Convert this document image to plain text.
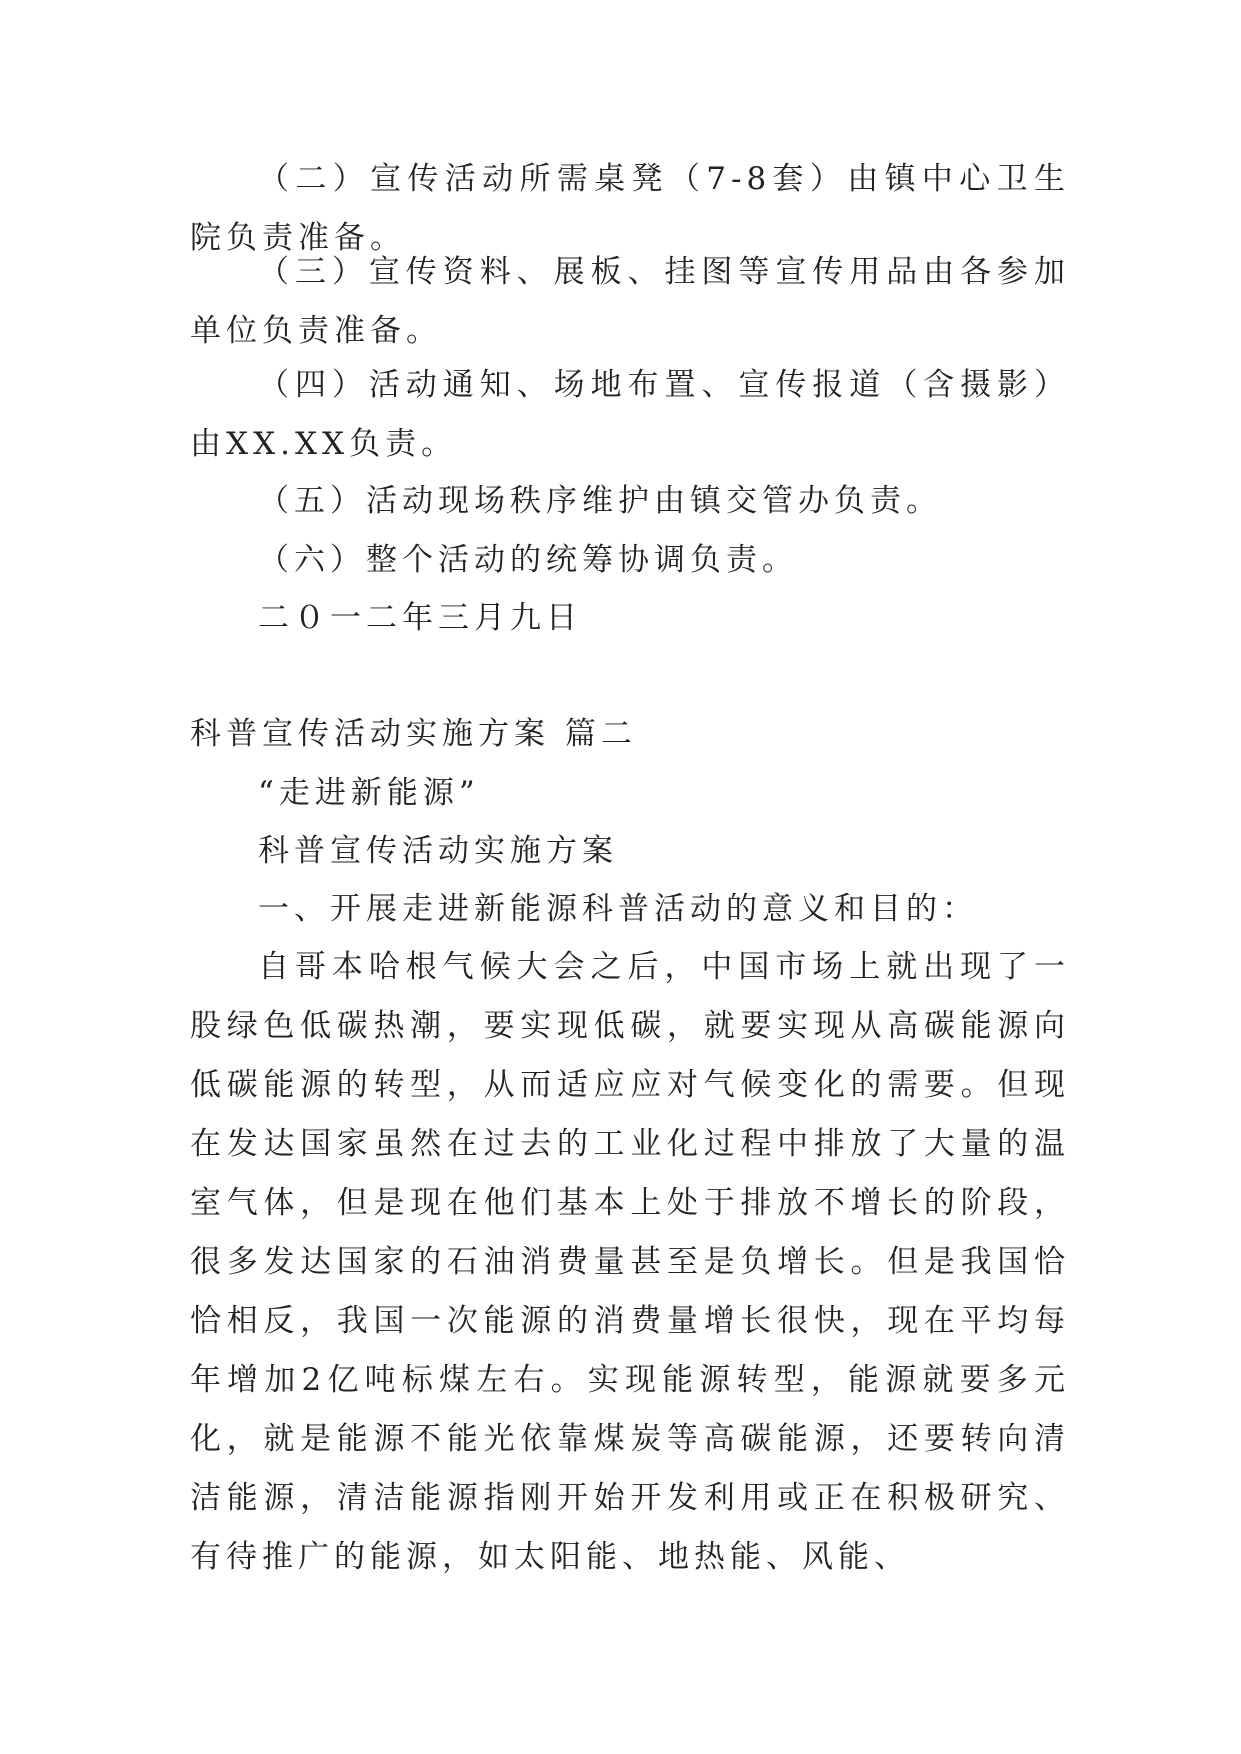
（二）宣传活动所需桌凳（7-8套）由镇中心卫生院负责准备。
（三）宣传资料、展板、挂图等宣传用品由各参加单位负责准备。
（四）活动通知、场地布置、宣传报道（含摄影）由XX.XX负责。
（五）活动现场秩序维护由镇交管办负责。
（六）整个活动的统筹协调负责。
二０一二年三月九日
科普宣传活动实施方案 篇二
“走进新能源”
科普宣传活动实施方案
一、开展走进新能源科普活动的意义和目的：
自哥本哈根气候大会之后，中国市场上就出现了一股绿色低碳热潮，要实现低碳，就要实现从高碳能源向低碳能源的转型，从而适应应对气候变化的需要。但现在发达国家虽然在过去的工业化过程中排放了大量的温室气体，但是现在他们基本上处于排放不增长的阶段，很多发达国家的石油消费量甚至是负增长。但是我国恰恰相反，我国一次能源的消费量增长很快，现在平均每年增加2亿吨标煤左右。实现能源转型，能源就要多元化，就是能源不能光依靠煤炭等高碳能源，还要转向清洁能源，清洁能源指刚开始开发利用或正在积极研究、有待推广的能源，如太阳能、地热能、风能、
